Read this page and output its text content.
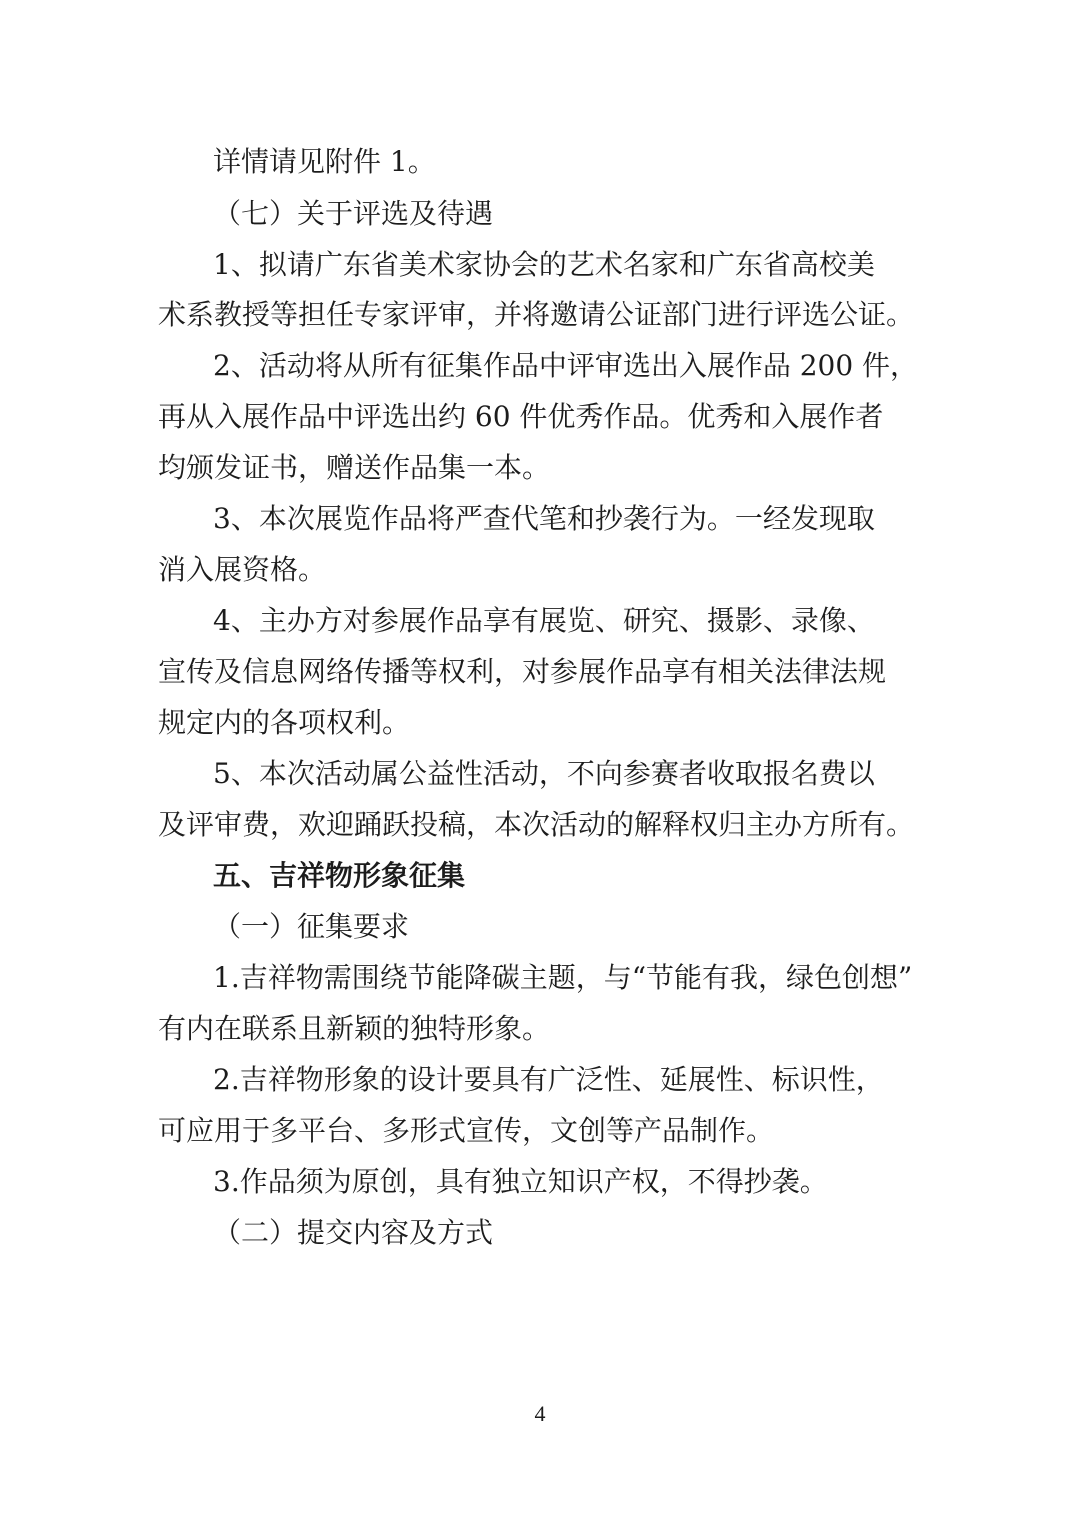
详情请见附件 1。
（七）关于评选及待遇
1、拟请广东省美术家协会的艺术名家和广东省高校美
术系教授等担任专家评审，并将邀请公证部门进行评选公证。
2、活动将从所有征集作品中评审选出入展作品 200 件，
再从入展作品中评选出约 60 件优秀作品。优秀和入展作者
均颁发证书，赠送作品集一本。
3、本次展览作品将严查代笔和抄袭行为。一经发现取
消入展资格。
4、主办方对参展作品享有展览、研究、摄影、录像、
宣传及信息网络传播等权利，对参展作品享有相关法律法规
规定内的各项权利。
5、本次活动属公益性活动，不向参赛者收取报名费以
及评审费，欢迎踊跃投稿，本次活动的解释权归主办方所有。
五、吉祥物形象征集
（一）征集要求
1.吉祥物需围绕节能降碳主题，与“节能有我，绿色创想”
有内在联系且新颖的独特形象。
2.吉祥物形象的设计要具有广泛性、延展性、标识性，
可应用于多平台、多形式宣传，文创等产品制作。
3.作品须为原创，具有独立知识产权，不得抄袭。
（二）提交内容及方式
4
